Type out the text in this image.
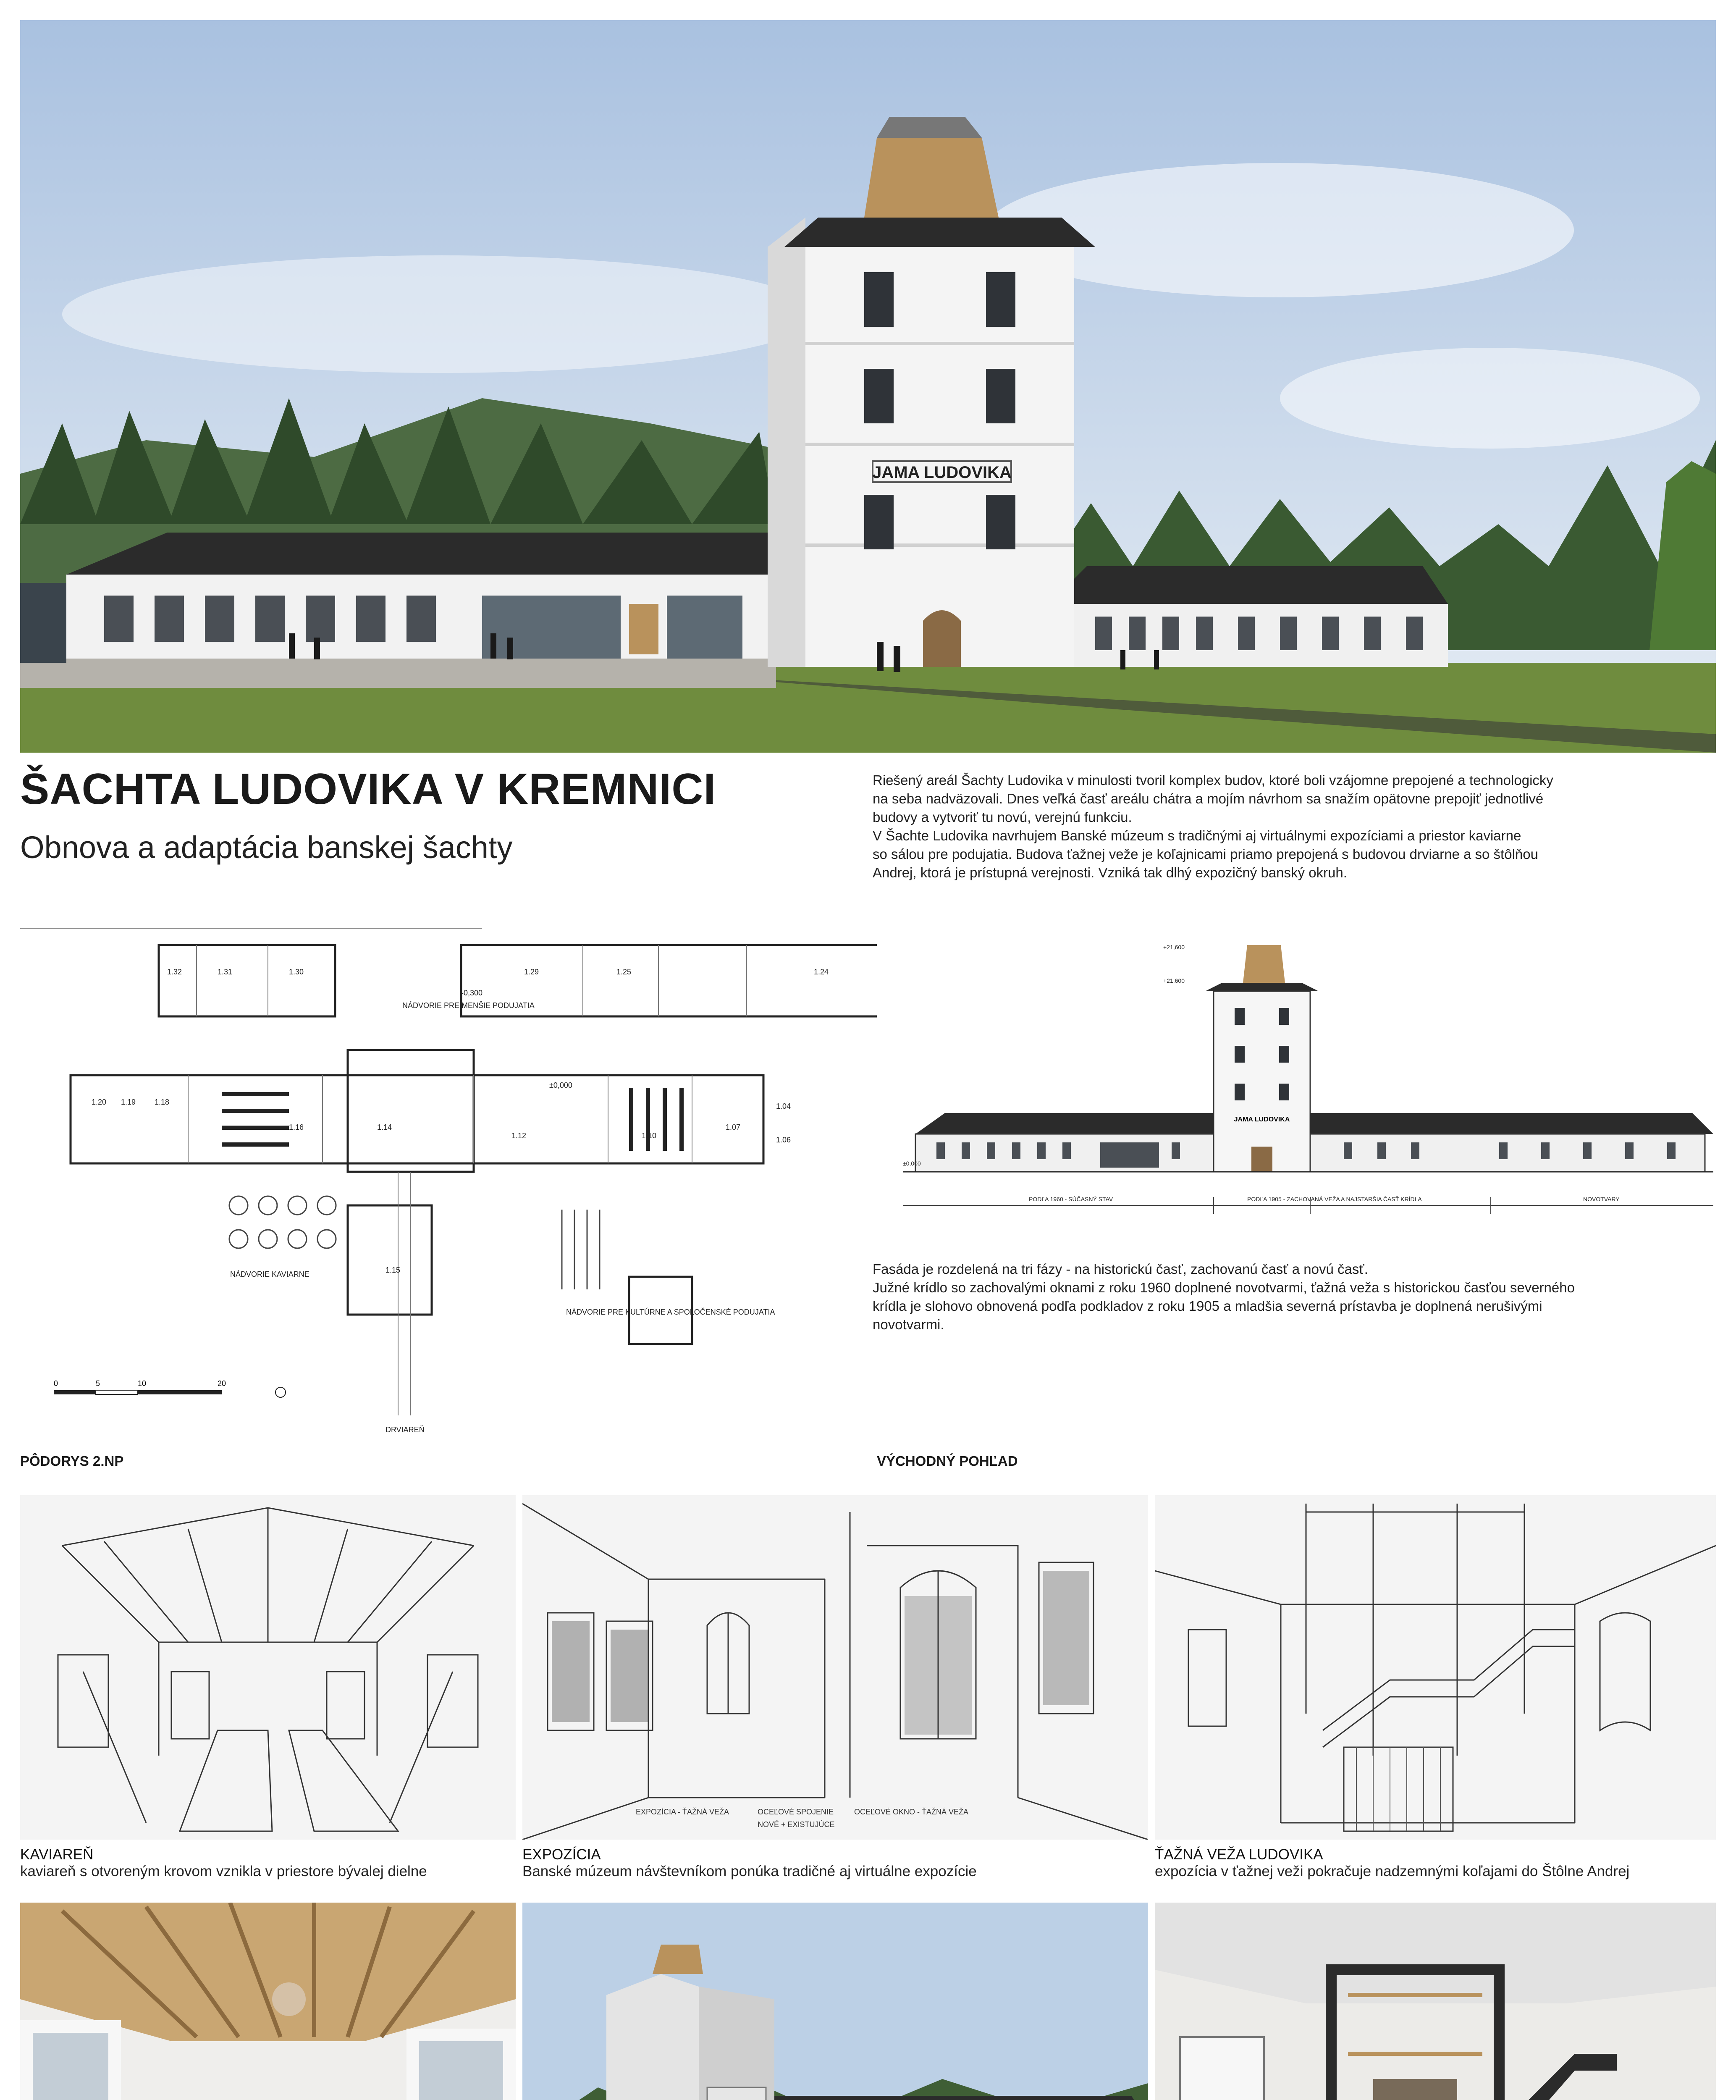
JAMA LUDOVIKA
ŠACHTA LUDOVIKA V KREMNICI
Obnova a adaptácia banskej šachty
Riešený areál Šachty Ludovika v minulosti tvoril komplex budov, ktoré boli vzájomne prepojené a technologicky
na seba nadväzovali. Dnes veľká časť areálu chátra a mojím návrhom sa snažím opätovne prepojiť jednotlivé
budovy a vytvoriť tu novú, verejnú funkciu.
V Šachte Ludovika navrhujem Banské múzeum s tradičnými aj virtuálnymi expozíciami a priestor kaviarne
so sálou pre podujatia. Budova ťažnej veže je koľajnicami priamo prepojená s budovou drviarne a so štôlňou
Andrej, ktorá je prístupná verejnosti. Vzniká tak dlhý expozičný banský okruh.
1.32	1.31	1.30	1.29	1.25	1.24
1.20 1.19 1.18
1.16	1.14
1.15
1.12	1.10
1.07
1.04
1.06
NÁDVORIE PRE MENŠIE PODUJATIA
NÁDVORIE KAVIARNE
NÁDVORIE PRE KULTÚRNE A SPOLOČENSKÉ PODUJATIA
DRVIAREŇ
-0,300
±0,000
0	5	10	20
PÔDORYS 2.NP
JAMA LUDOVIKA
PODĽA 1960 - SÚČASNÝ STAV	PODĽA 1905 - ZACHOVANÁ VEŽA A NAJSTARŠIA ČASŤ KRÍDLA	NOVOTVARY
+21,600
+21,600
±0,000
Fasáda je rozdelená na tri fázy - na historickú časť, zachovanú časť a novú časť.
Južné krídlo so zachovalými oknami z roku 1960 doplnené novotvarmi, ťažná veža s historickou časťou severného
krídla je slohovo obnovená podľa podkladov z roku 1905 a mladšia severná prístavba je doplnená nerušivými
novotvarmi.
VÝCHODNÝ POHĽAD
EXPOZÍCIA - ŤAŽNÁ VEŽA	OCEĽOVÉ SPOJENIE
NOVÉ + EXISTUJÚCE
OCEĽOVÉ OKNO - ŤAŽNÁ VEŽA
KAVIAREŇ
kaviareň s otvoreným krovom vznikla v priestore bývalej dielne
EXPOZÍCIA
Banské múzeum návštevníkom ponúka tradičné aj virtuálne expozície
ŤAŽNÁ VEŽA LUDOVIKA
expozícia v ťažnej veži pokračuje nadzemnými koľajami do Štôlne Andrej
